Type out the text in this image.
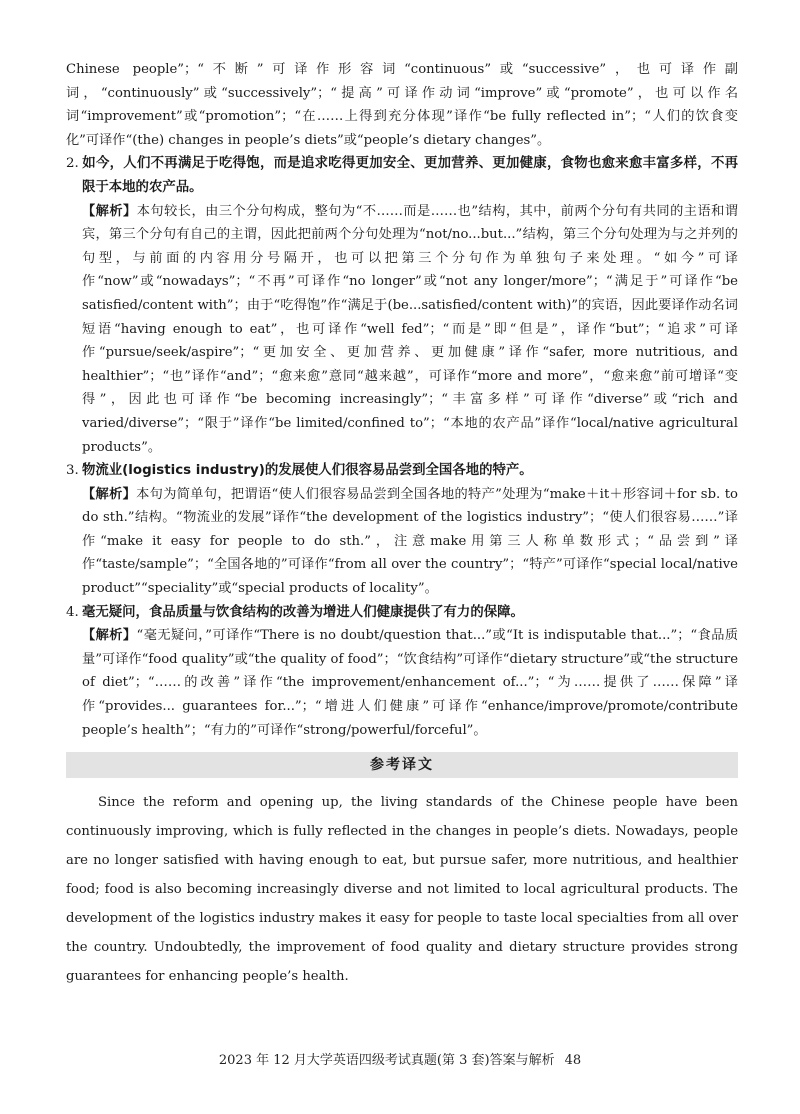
Chinese people”；“不断”可译作形容词“continuous”或“successive”，也可译作副词，“continuously”或“successively”；“提高”可译作动词“improve”或“promote”，也可以作名词“improvement”或“promotion”；“在……上得到充分体现”译作“be fully reflected in”；“人们的饮食变化”可译作“(the) changes in people’s diets”或“people’s dietary changes”。

2. 如今，人们不再满足于吃得饱，而是追求吃得更加安全、更加营养、更加健康，食物也愈来愈丰富多样，不再限于本地的农产品。

【解析】本句较长，由三个分句构成，整句为“不……而是……也”结构，其中，前两个分句有共同的主语和谓宾，第三个分句有自己的主谓，因此把前两个分句处理为“not/no...but...”结构，第三个分句处理为与之并列的句型，与前面的内容用分号隔开，也可以把第三个分句作为单独句子来处理。“如今”可译作“now”或“nowadays”；“不再”可译作“no longer”或“not any longer/more”；“满足于”可译作“be satisfied/content with”；由于“吃得饱”作“满足于(be...satisfied/content with)”的宾语，因此要译作动名词短语“having enough to eat”，也可译作“well fed”；“而是”即“但是”，译作“but”；“追求”可译作“pursue/seek/aspire”；“更加安全、更加营养、更加健康”译作“safer, more nutritious, and healthier”；“也”译作“and”；“愈来愈”意同“越来越”，可译作“more and more”，“愈来愈”前可增译“变得”，因此也可译作“be becoming increasingly”；“丰富多样”可译作“diverse”或“rich and varied/diverse”；“限于”译作“be limited/confined to”；“本地的农产品”译作“local/native agricultural products”。

3. 物流业(logistics industry)的发展使人们很容易品尝到全国各地的特产。

【解析】本句为简单句，把谓语“使人们很容易品尝到全国各地的特产”处理为“make＋it＋形容词＋for sb. to do sth.”结构。“物流业的发展”译作“the development of the logistics industry”；“使人们很容易……”译作“make it easy for people to do sth.”，注意make用第三人称单数形式；“品尝到”译作“taste/sample”；“全国各地的”可译作“from all over the country”；“特产”可译作“special local/native product”“speciality”或“special products of locality”。

4. 毫无疑问，食品质量与饮食结构的改善为增进人们健康提供了有力的保障。

【解析】“毫无疑问，”可译作“There is no doubt/question that...”或“It is indisputable that...”；“食品质量”可译作“food quality”或“the quality of food”；“饮食结构”可译作“dietary structure”或“the structure of diet”；“……的改善”译作“the improvement/enhancement of...”；“为……提供了……保障”译作“provides... guarantees for...”；“增进人们健康”可译作“enhance/improve/promote/contribute people’s health”；“有力的”可译作“strong/powerful/forceful”。

参考译文

Since the reform and opening up, the living standards of the Chinese people have been continuously improving, which is fully reflected in the changes in people’s diets. Nowadays, people are no longer satisfied with having enough to eat, but pursue safer, more nutritious, and healthier food; food is also becoming increasingly diverse and not limited to local agricultural products. The development of the logistics industry makes it easy for people to taste local specialties from all over the country. Undoubtedly, the improvement of food quality and dietary structure provides strong guarantees for enhancing people’s health.

2023 年 12 月大学英语四级考试真题(第 3 套)答案与解析 48
